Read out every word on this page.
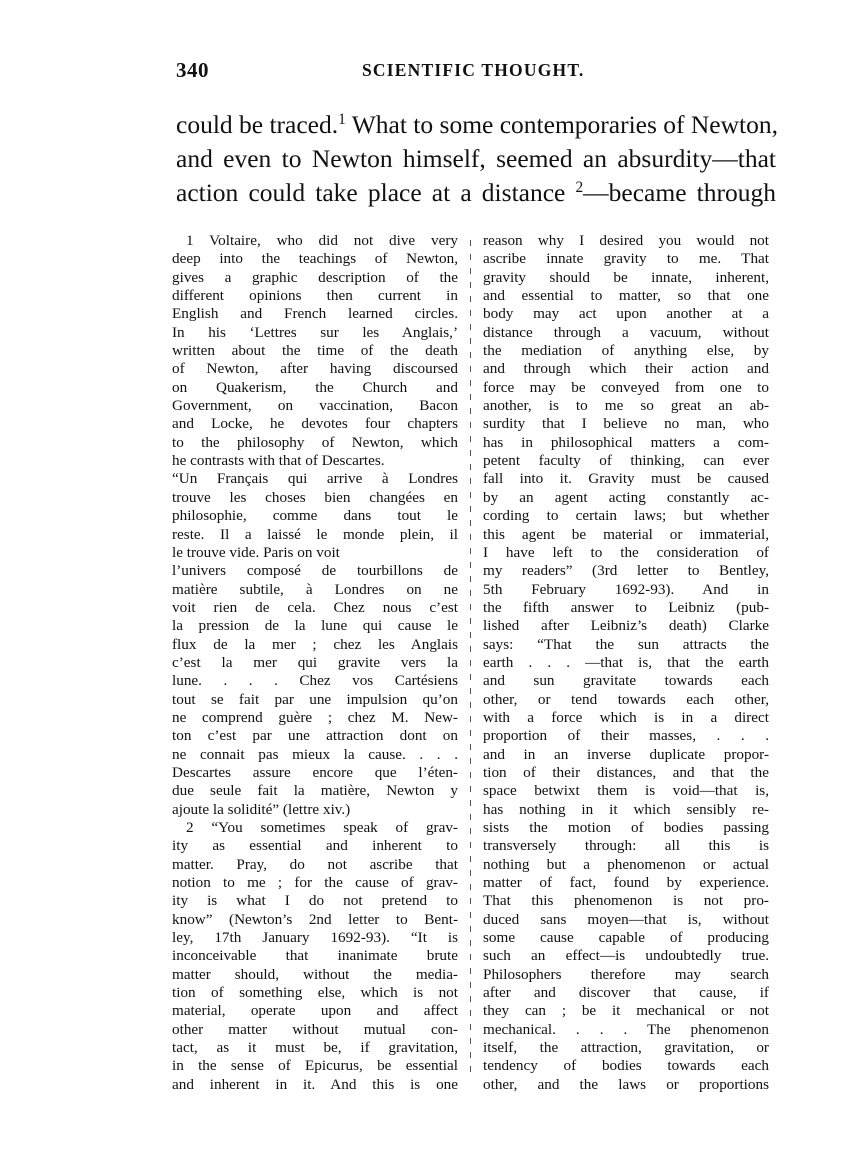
340	SCIENTIFIC THOUGHT.
could be traced.$^1$ What to some contemporaries of Newton,
and even to Newton himself, seemed an absurdity—that
action could take place at a distance $^2$—became through
1 Voltaire, who did not dive very
deep into the teachings of Newton,
gives a graphic description of the
different opinions then current in
English and French learned circles.
In his ‘Lettres sur les Anglais,’
written about the time of the death
of Newton, after having discoursed
on Quakerism, the Church and
Government, on vaccination, Bacon
and Locke, he devotes four chapters
to the philosophy of Newton, which
he contrasts with that of Descartes.
“Un Français qui arrive à Londres
trouve les choses bien changées en
philosophie, comme dans tout le
reste. Il a laissé le monde plein, il
le trouve vide. Paris on voit
l’univers composé de tourbillons de
matière subtile, à Londres on ne
voit rien de cela. Chez nous c’est
la pression de la lune qui cause le
flux de la mer ; chez les Anglais
c’est la mer qui gravite vers la
lune. . . . Chez vos Cartésiens
tout se fait par une impulsion qu’on
ne comprend guère ; chez M. New-
ton c’est par une attraction dont on
ne connait pas mieux la cause. . . .
Descartes assure encore que l’éten-
due seule fait la matière, Newton y
ajoute la solidité” (lettre xiv.)
2 “You sometimes speak of grav-
ity as essential and inherent to
matter. Pray, do not ascribe that
notion to me ; for the cause of grav-
ity is what I do not pretend to
know” (Newton’s 2nd letter to Bent-
ley, 17th January 1692-93). “It is
inconceivable that inanimate brute
matter should, without the media-
tion of something else, which is not
material, operate upon and affect
other matter without mutual con-
tact, as it must be, if gravitation,
in the sense of Epicurus, be essential
and inherent in it. And this is one
reason why I desired you would not
ascribe innate gravity to me. That
gravity should be innate, inherent,
and essential to matter, so that one
body may act upon another at a
distance through a vacuum, without
the mediation of anything else, by
and through which their action and
force may be conveyed from one to
another, is to me so great an ab-
surdity that I believe no man, who
has in philosophical matters a com-
petent faculty of thinking, can ever
fall into it. Gravity must be caused
by an agent acting constantly ac-
cording to certain laws; but whether
this agent be material or immaterial,
I have left to the consideration of
my readers” (3rd letter to Bentley,
5th February 1692-93). And in
the fifth answer to Leibniz (pub-
lished after Leibniz’s death) Clarke
says: “That the sun attracts the
earth . . . —that is, that the earth
and sun gravitate towards each
other, or tend towards each other,
with a force which is in a direct
proportion of their masses, . . .
and in an inverse duplicate propor-
tion of their distances, and that the
space betwixt them is void—that is,
has nothing in it which sensibly re-
sists the motion of bodies passing
transversely through: all this is
nothing but a phenomenon or actual
matter of fact, found by experience.
That this phenomenon is not pro-
duced sans moyen—that is, without
some cause capable of producing
such an effect—is undoubtedly true.
Philosophers therefore may search
after and discover that cause, if
they can ; be it mechanical or not
mechanical. . . . The phenomenon
itself, the attraction, gravitation, or
tendency of bodies towards each
other, and the laws or proportions
